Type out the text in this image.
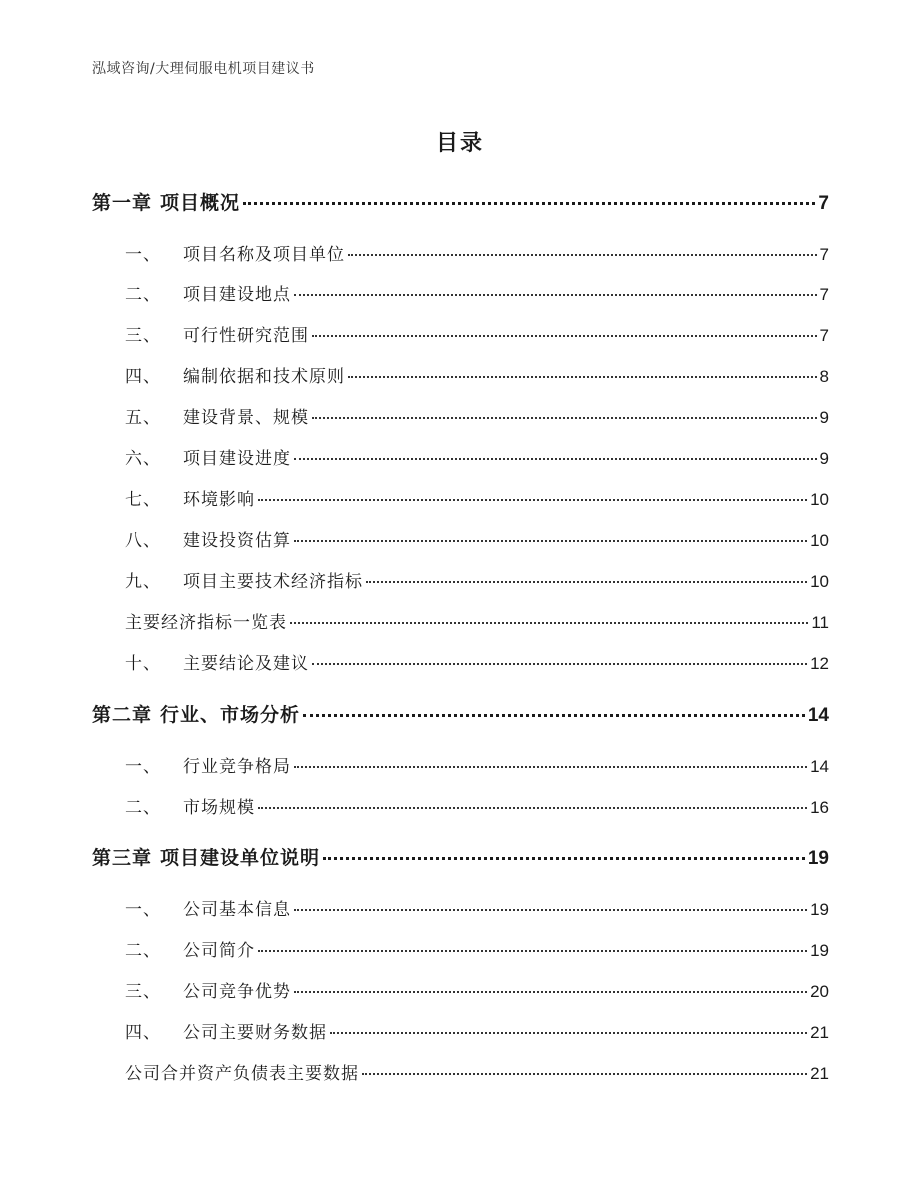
泓域咨询/大理伺服电机项目建议书
目录
第一章 项目概况	7
一、 项目名称及项目单位	7
二、 项目建设地点	7
三、 可行性研究范围	7
四、 编制依据和技术原则	8
五、 建设背景、规模	9
六、 项目建设进度	9
七、 环境影响	10
八、 建设投资估算	10
九、 项目主要技术经济指标	10
主要经济指标一览表	11
十、 主要结论及建议	12
第二章 行业、市场分析	14
一、 行业竞争格局	14
二、 市场规模	16
第三章 项目建设单位说明	19
一、 公司基本信息	19
二、 公司简介	19
三、 公司竞争优势	20
四、 公司主要财务数据	21
公司合并资产负债表主要数据	21
